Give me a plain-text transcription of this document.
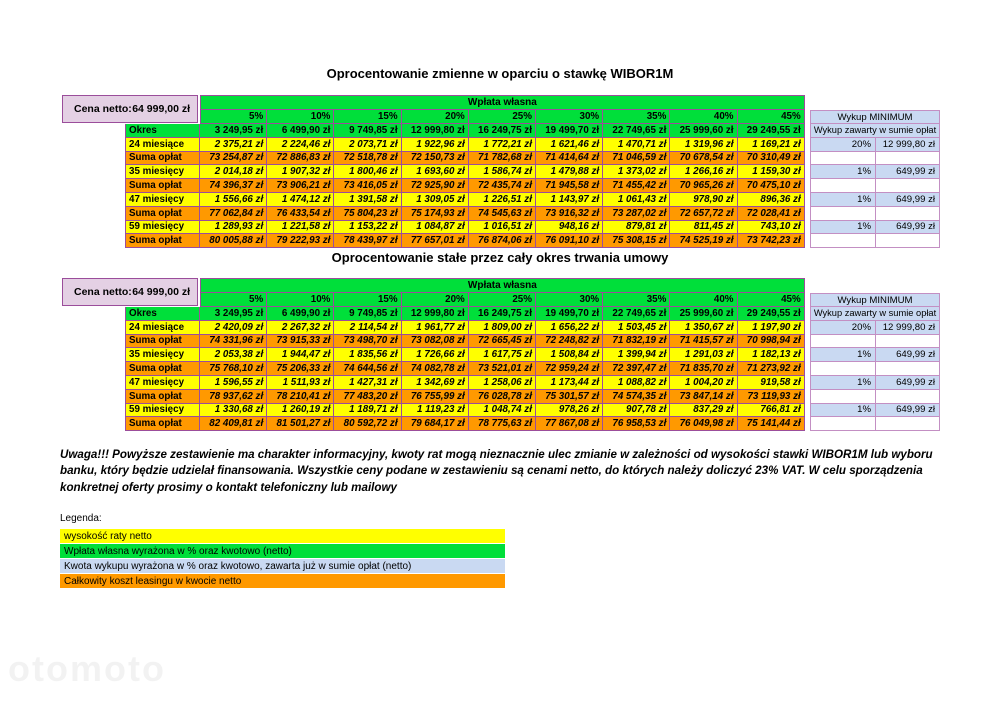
Oprocentowanie zmienne w oparciu o stawkę WIBOR1M
Cena netto: 64 999,00 zł
Wpłata własna
5%	10%	15%	20%	25%	30%	35%	40%	45%
Okres	3 249,95 zł	6 499,90 zł	9 749,85 zł	12 999,80 zł	16 249,75 zł	19 499,70 zł	22 749,65 zł	25 999,60 zł	29 249,55 zł
24 miesiące	2 375,21 zł	2 224,46 zł	2 073,71 zł	1 922,96 zł	1 772,21 zł	1 621,46 zł	1 470,71 zł	1 319,96 zł	1 169,21 zł
Suma opłat	73 254,87 zł	72 886,83 zł	72 518,78 zł	72 150,73 zł	71 782,68 zł	71 414,64 zł	71 046,59 zł	70 678,54 zł	70 310,49 zł
35 miesięcy	2 014,18 zł	1 907,32 zł	1 800,46 zł	1 693,60 zł	1 586,74 zł	1 479,88 zł	1 373,02 zł	1 266,16 zł	1 159,30 zł
Suma opłat	74 396,37 zł	73 906,21 zł	73 416,05 zł	72 925,90 zł	72 435,74 zł	71 945,58 zł	71 455,42 zł	70 965,26 zł	70 475,10 zł
47 miesięcy	1 556,66 zł	1 474,12 zł	1 391,58 zł	1 309,05 zł	1 226,51 zł	1 143,97 zł	1 061,43 zł	978,90 zł	896,36 zł
Suma opłat	77 062,84 zł	76 433,54 zł	75 804,23 zł	75 174,93 zł	74 545,63 zł	73 916,32 zł	73 287,02 zł	72 657,72 zł	72 028,41 zł
59 miesięcy	1 289,93 zł	1 221,58 zł	1 153,22 zł	1 084,87 zł	1 016,51 zł	948,16 zł	879,81 zł	811,45 zł	743,10 zł
Suma opłat	80 005,88 zł	79 222,93 zł	78 439,97 zł	77 657,01 zł	76 874,06 zł	76 091,10 zł	75 308,15 zł	74 525,19 zł	73 742,23 zł
Wykup MINIMUM
Wykup zawarty w sumie opłat
20%	12 999,80 zł
1%	649,99 zł
1%	649,99 zł
1%	649,99 zł
Oprocentowanie stałe przez cały okres trwania umowy
Cena netto: 64 999,00 zł
Wpłata własna
5%	10%	15%	20%	25%	30%	35%	40%	45%
Okres	3 249,95 zł	6 499,90 zł	9 749,85 zł	12 999,80 zł	16 249,75 zł	19 499,70 zł	22 749,65 zł	25 999,60 zł	29 249,55 zł
24 miesiące	2 420,09 zł	2 267,32 zł	2 114,54 zł	1 961,77 zł	1 809,00 zł	1 656,22 zł	1 503,45 zł	1 350,67 zł	1 197,90 zł
Suma opłat	74 331,96 zł	73 915,33 zł	73 498,70 zł	73 082,08 zł	72 665,45 zł	72 248,82 zł	71 832,19 zł	71 415,57 zł	70 998,94 zł
35 miesięcy	2 053,38 zł	1 944,47 zł	1 835,56 zł	1 726,66 zł	1 617,75 zł	1 508,84 zł	1 399,94 zł	1 291,03 zł	1 182,13 zł
Suma opłat	75 768,10 zł	75 206,33 zł	74 644,56 zł	74 082,78 zł	73 521,01 zł	72 959,24 zł	72 397,47 zł	71 835,70 zł	71 273,92 zł
47 miesięcy	1 596,55 zł	1 511,93 zł	1 427,31 zł	1 342,69 zł	1 258,06 zł	1 173,44 zł	1 088,82 zł	1 004,20 zł	919,58 zł
Suma opłat	78 937,62 zł	78 210,41 zł	77 483,20 zł	76 755,99 zł	76 028,78 zł	75 301,57 zł	74 574,35 zł	73 847,14 zł	73 119,93 zł
59 miesięcy	1 330,68 zł	1 260,19 zł	1 189,71 zł	1 119,23 zł	1 048,74 zł	978,26 zł	907,78 zł	837,29 zł	766,81 zł
Suma opłat	82 409,81 zł	81 501,27 zł	80 592,72 zł	79 684,17 zł	78 775,63 zł	77 867,08 zł	76 958,53 zł	76 049,98 zł	75 141,44 zł
Wykup MINIMUM
Wykup zawarty w sumie opłat
20%	12 999,80 zł
1%	649,99 zł
1%	649,99 zł
1%	649,99 zł
Uwaga!!! Powyższe zestawienie ma charakter informacyjny, kwoty rat mogą nieznacznie ulec zmianie w zależności od wysokości stawki WIBOR1M lub wyboru banku, który będzie udzielał finansowania. Wszystkie ceny podane w zestawieniu są cenami netto, do których należy doliczyć 23% VAT. W celu sporządzenia konkretnej oferty prosimy o kontakt telefoniczny lub mailowy
Legenda:
wysokość raty netto
Wpłata własna wyrażona w % oraz kwotowo (netto)
Kwota wykupu wyrażona w % oraz kwotowo, zawarta już w sumie opłat (netto)
Całkowity koszt leasingu w kwocie netto
otomoto
